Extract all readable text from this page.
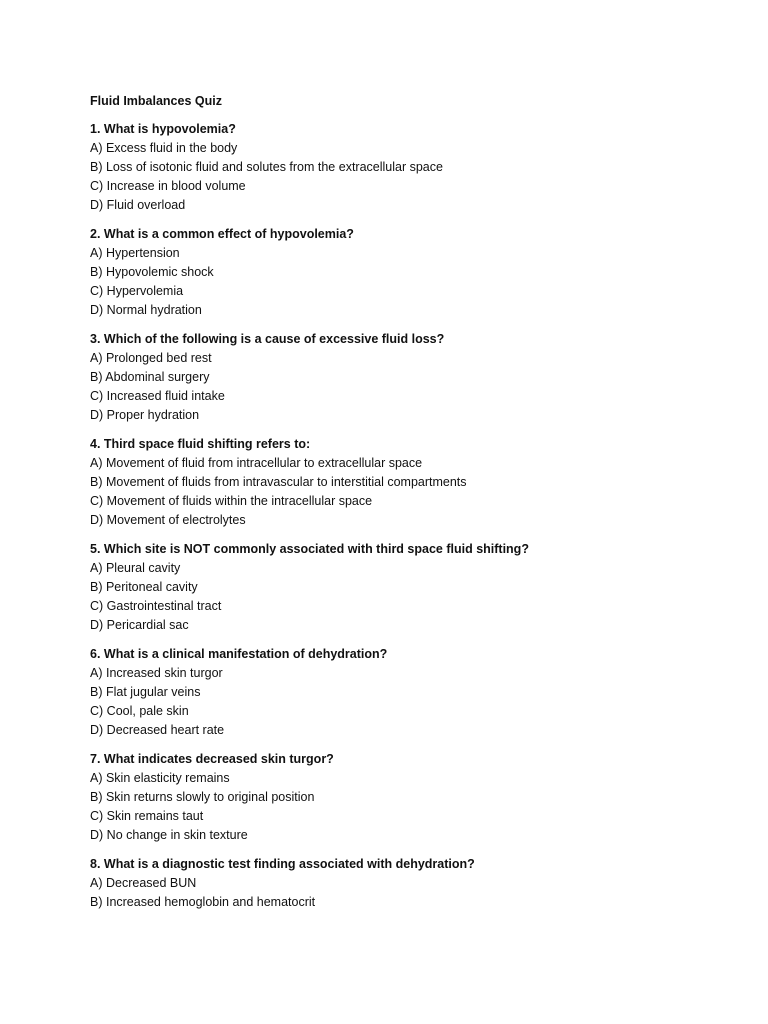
Fluid Imbalances Quiz
1. What is hypovolemia?
A) Excess fluid in the body
B) Loss of isotonic fluid and solutes from the extracellular space
C) Increase in blood volume
D) Fluid overload
2. What is a common effect of hypovolemia?
A) Hypertension
B) Hypovolemic shock
C) Hypervolemia
D) Normal hydration
3. Which of the following is a cause of excessive fluid loss?
A) Prolonged bed rest
B) Abdominal surgery
C) Increased fluid intake
D) Proper hydration
4. Third space fluid shifting refers to:
A) Movement of fluid from intracellular to extracellular space
B) Movement of fluids from intravascular to interstitial compartments
C) Movement of fluids within the intracellular space
D) Movement of electrolytes
5. Which site is NOT commonly associated with third space fluid shifting?
A) Pleural cavity
B) Peritoneal cavity
C) Gastrointestinal tract
D) Pericardial sac
6. What is a clinical manifestation of dehydration?
A) Increased skin turgor
B) Flat jugular veins
C) Cool, pale skin
D) Decreased heart rate
7. What indicates decreased skin turgor?
A) Skin elasticity remains
B) Skin returns slowly to original position
C) Skin remains taut
D) No change in skin texture
8. What is a diagnostic test finding associated with dehydration?
A) Decreased BUN
B) Increased hemoglobin and hematocrit
